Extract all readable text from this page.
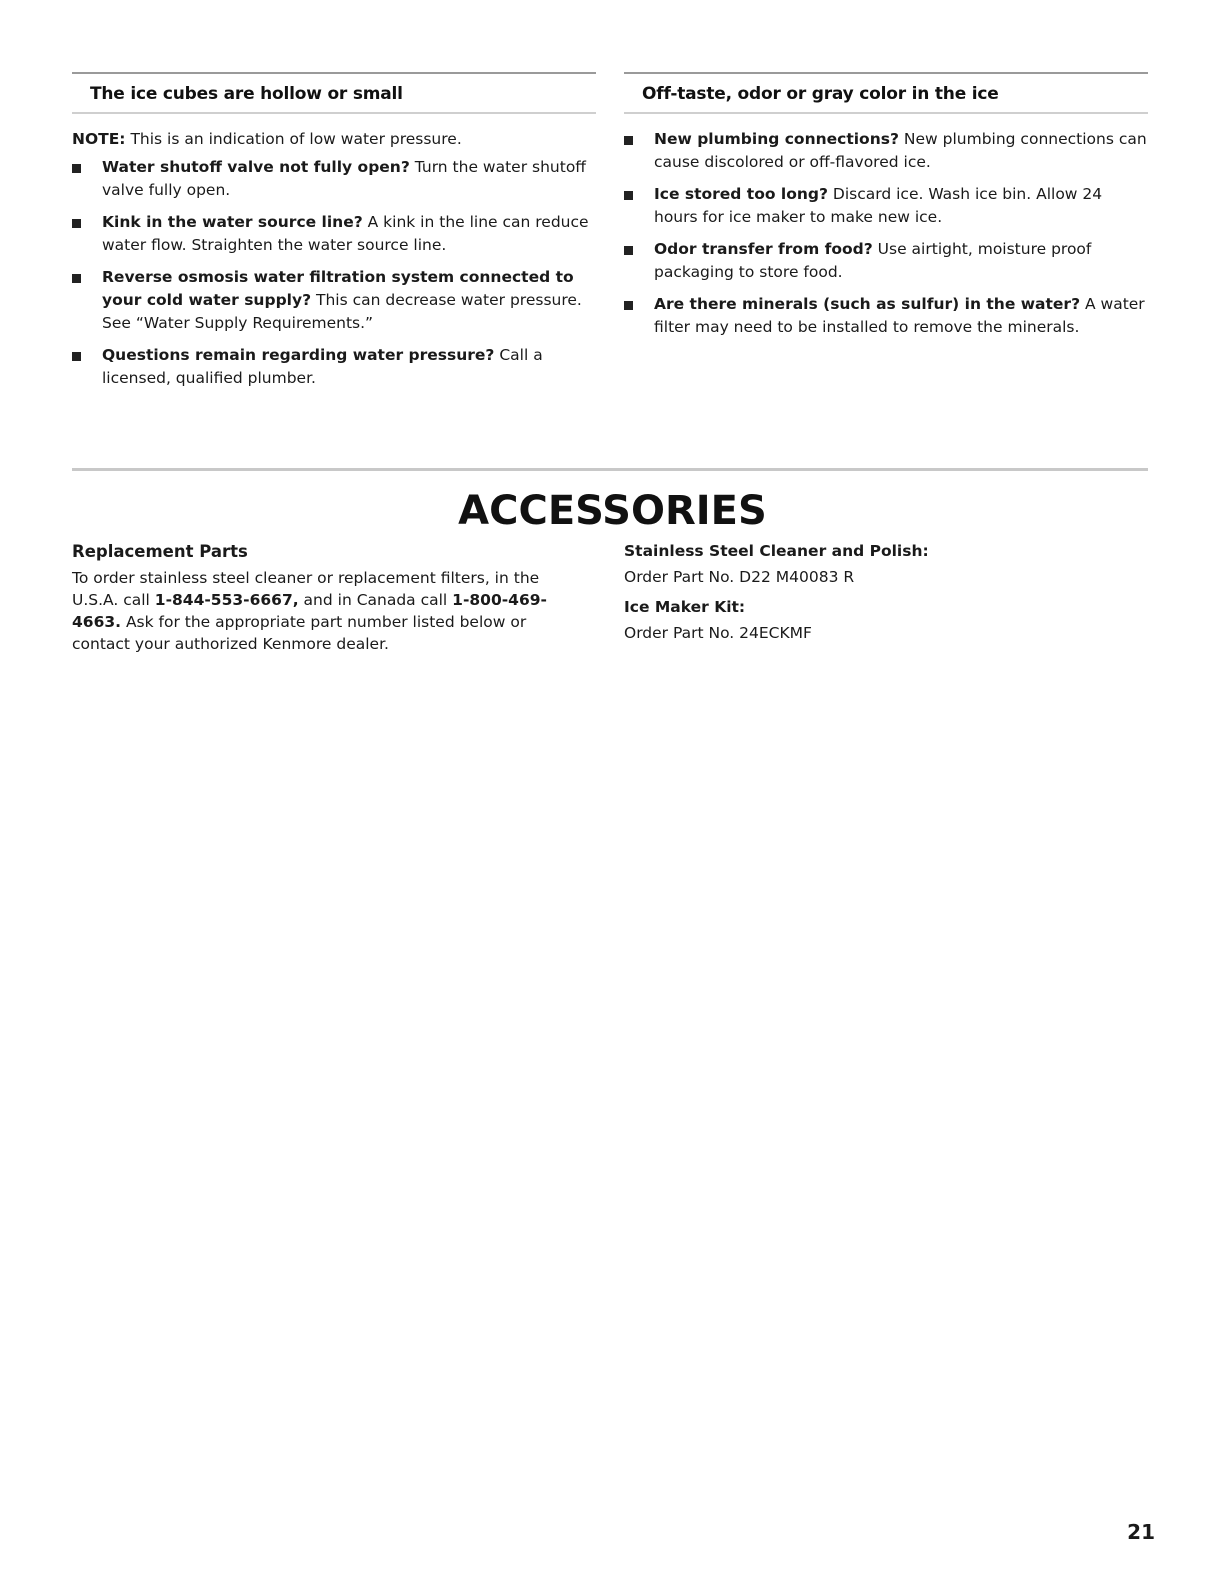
The ice cubes are hollow or small

NOTE: This is an indication of low water pressure.

Water shutoff valve not fully open? Turn the water shutoff valve fully open.
Kink in the water source line? A kink in the line can reduce water flow. Straighten the water source line.
Reverse osmosis water filtration system connected to your cold water supply? This can decrease water pressure. See “Water Supply Requirements.”
Questions remain regarding water pressure? Call a licensed, qualified plumber.
Off-taste, odor or gray color in the ice
New plumbing connections? New plumbing connections can cause discolored or off-flavored ice.
Ice stored too long? Discard ice. Wash ice bin. Allow 24 hours for ice maker to make new ice.
Odor transfer from food? Use airtight, moisture proof packaging to store food.
Are there minerals (such as sulfur) in the water? A water filter may need to be installed to remove the minerals.
ACCESSORIES
Replacement Parts

To order stainless steel cleaner or replacement filters, in the U.S.A. call 1-844-553-6667, and in Canada call 1-800-469-4663. Ask for the appropriate part number listed below or contact your authorized Kenmore dealer.

Stainless Steel Cleaner and Polish:
Order Part No. D22 M40083 R
Ice Maker Kit:
Order Part No. 24ECKMF
21
